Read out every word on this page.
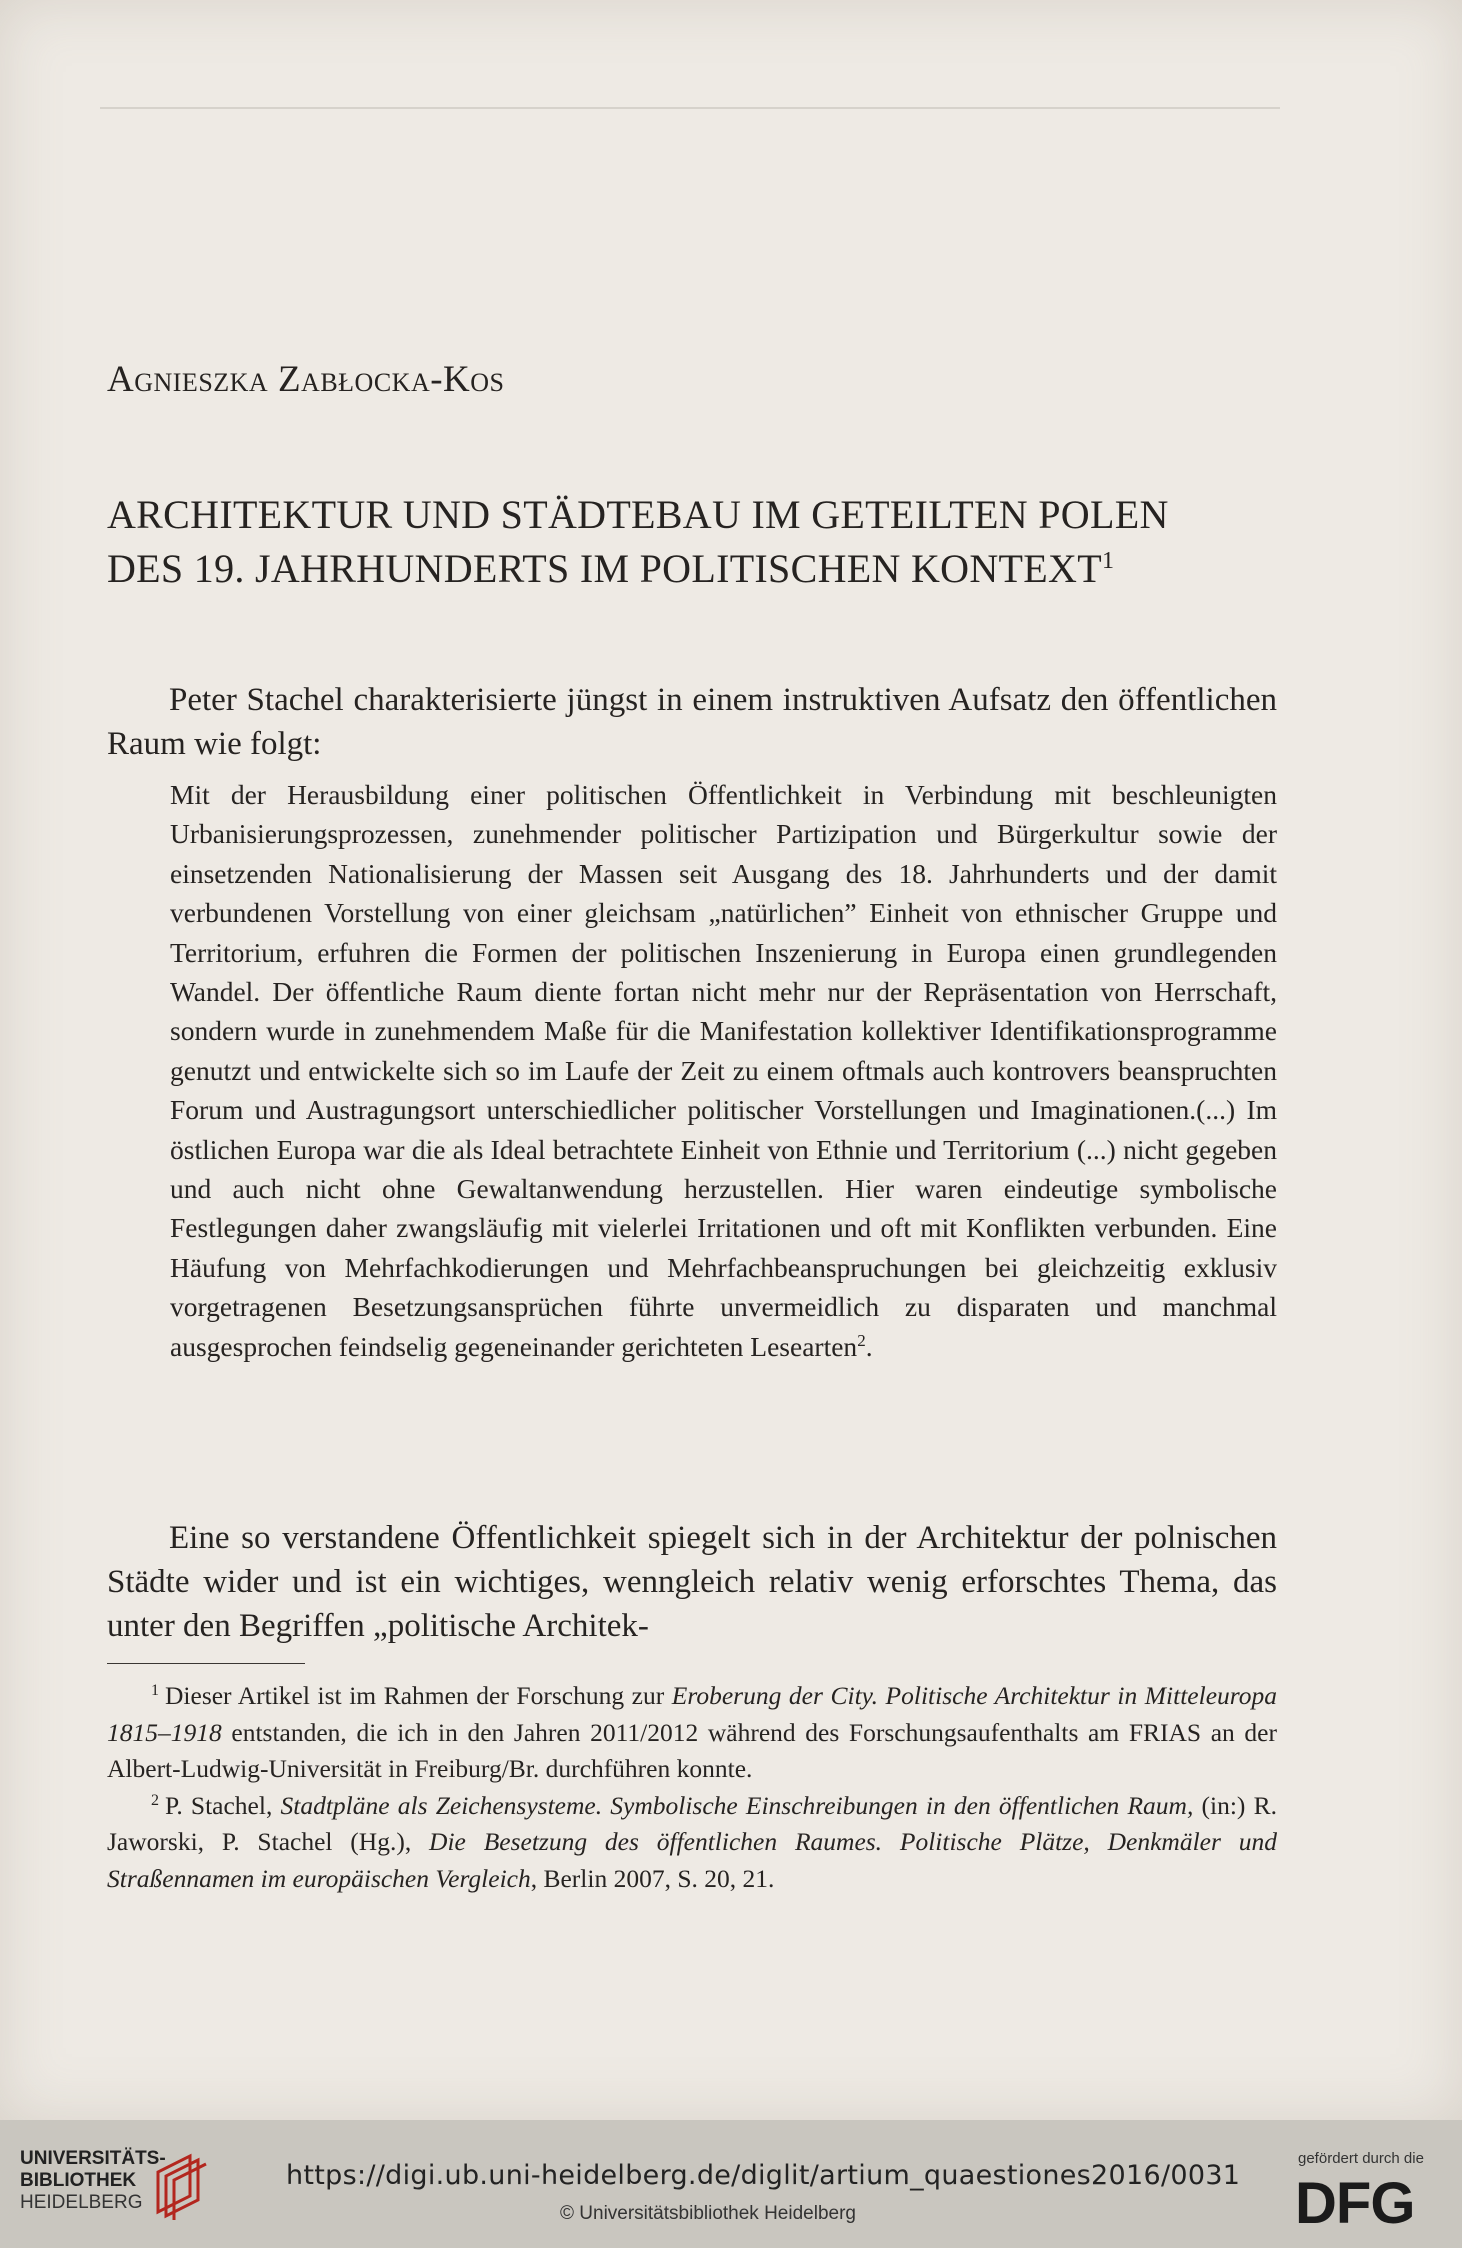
Agnieszka Zabłocka-Kos
ARCHITEKTUR UND STÄDTEBAU IM GETEILTEN POLEN
DES 19. JAHRHUNDERTS IM POLITISCHEN KONTEXT$^1$
Peter Stachel charakterisierte jüngst in einem instruktiven Aufsatz den öffentlichen Raum wie folgt:
Mit der Herausbildung einer politischen Öffentlichkeit in Verbindung mit beschleunigten Urbanisierungsprozessen, zunehmender politischer Partizipation und Bürgerkultur sowie der einsetzenden Nationalisierung der Massen seit Ausgang des 18. Jahrhunderts und der damit verbundenen Vorstellung von einer gleichsam „natürlichen” Einheit von ethnischer Gruppe und Territorium, erfuhren die Formen der politischen Inszenierung in Europa einen grundlegenden Wandel. Der öffentliche Raum diente fortan nicht mehr nur der Repräsentation von Herrschaft, sondern wurde in zunehmendem Maße für die Manifestation kollektiver Identifikationsprogramme genutzt und entwickelte sich so im Laufe der Zeit zu einem oftmals auch kontrovers beanspruchten Forum und Austragungsort unterschiedlicher politischer Vorstellungen und Imaginationen.(...) Im östlichen Europa war die als Ideal betrachtete Einheit von Ethnie und Territorium (...) nicht gegeben und auch nicht ohne Gewaltanwendung herzustellen. Hier waren eindeutige symbolische Festlegungen daher zwangsläufig mit vielerlei Irritationen und oft mit Konflikten verbunden. Eine Häufung von Mehrfachkodierungen und Mehrfachbeanspruchungen bei gleichzeitig exklusiv vorgetragenen Besetzungsansprüchen führte unvermeidlich zu disparaten und manchmal ausgesprochen feindselig gegeneinander gerichteten Lesearten$^2$.
Eine so verstandene Öffentlichkeit spiegelt sich in der Architektur der polnischen Städte wider und ist ein wichtiges, wenngleich relativ wenig erforschtes Thema, das unter den Begriffen „politische Architek-
$^1$ Dieser Artikel ist im Rahmen der Forschung zur Eroberung der City. Politische Architektur in Mitteleuropa 1815–1918 entstanden, die ich in den Jahren 2011/2012 während des Forschungsaufenthalts am FRIAS an der Albert-Ludwig-Universität in Freiburg/Br. durchführen konnte.
$^2$ P. Stachel, Stadtpläne als Zeichensysteme. Symbolische Einschreibungen in den öffentlichen Raum, (in:) R. Jaworski, P. Stachel (Hg.), Die Besetzung des öffentlichen Raumes. Politische Plätze, Denkmäler und Straßennamen im europäischen Vergleich, Berlin 2007, S. 20, 21.
UNIVERSITÄTS-
BIBLIOTHEK
HEIDELBERG
https://digi.ub.uni-heidelberg.de/diglit/artium_quaestiones2016/0031
© Universitätsbibliothek Heidelberg
gefördert durch die
DFG
